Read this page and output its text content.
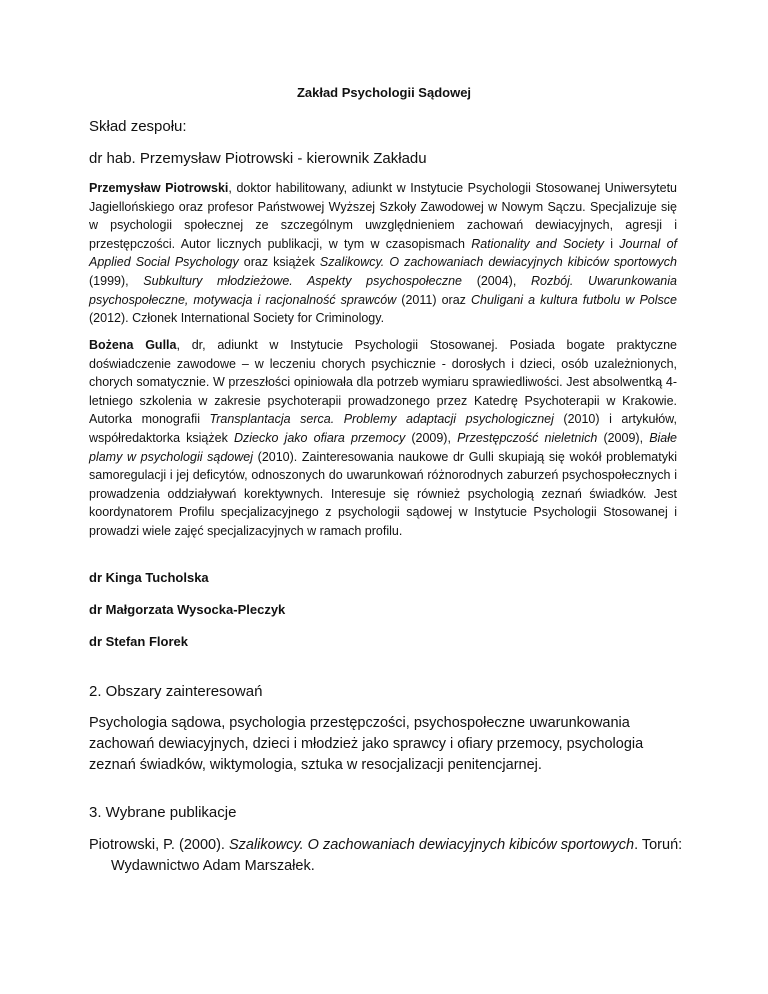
Zakład Psychologii Sądowej
Skład zespołu:
dr hab. Przemysław Piotrowski - kierownik Zakładu
Przemysław Piotrowski, doktor habilitowany, adiunkt w Instytucie Psychologii Stosowanej Uniwersytetu Jagiellońskiego oraz profesor Państwowej Wyższej Szkoły Zawodowej w Nowym Sączu. Specjalizuje się w psychologii społecznej ze szczególnym uwzględnieniem zachowań dewiacyjnych, agresji i przestępczości. Autor licznych publikacji, w tym w czasopismach Rationality and Society i Journal of Applied Social Psychology oraz książek Szalikowcy. O zachowaniach dewiacyjnych kibiców sportowych (1999), Subkultury młodzieżowe. Aspekty psychospołeczne (2004), Rozbój. Uwarunkowania psychospołeczne, motywacja i racjonalność sprawców (2011) oraz Chuligani a kultura futbolu w Polsce (2012). Członek International Society for Criminology.
Bożena Gulla, dr, adiunkt w Instytucie Psychologii Stosowanej. Posiada bogate praktyczne doświadczenie zawodowe – w leczeniu chorych psychicznie - dorosłych i dzieci, osób uzależnionych, chorych somatycznie. W przeszłości opiniowała dla potrzeb wymiaru sprawiedliwości. Jest absolwentką 4-letniego szkolenia w zakresie psychoterapii prowadzonego przez Katedrę Psychoterapii w Krakowie. Autorka monografii Transplantacja serca. Problemy adaptacji psychologicznej (2010) i artykułów, współredaktorka książek Dziecko jako ofiara przemocy (2009), Przestępczość nieletnich (2009), Białe plamy w psychologii sądowej (2010). Zainteresowania naukowe dr Gulli skupiają się wokół problematyki samoregulacji i jej deficytów, odnoszonych do uwarunkowań różnorodnych zaburzeń psychospołecznych i prowadzenia oddziaływań korektywnych. Interesuje się również psychologią zeznań świadków. Jest koordynatorem Profilu specjalizacyjnego z psychologii sądowej w Instytucie Psychologii Stosowanej i prowadzi wiele zajęć specjalizacyjnych w ramach profilu.
dr Kinga Tucholska
dr Małgorzata Wysocka-Pleczyk
dr Stefan Florek
2. Obszary zainteresowań
Psychologia sądowa, psychologia przestępczości, psychospołeczne uwarunkowania zachowań dewiacyjnych, dzieci i młodzież jako sprawcy i ofiary przemocy, psychologia zeznań świadków, wiktymologia, sztuka w resocjalizacji penitencjarnej.
3. Wybrane publikacje
Piotrowski, P. (2000). Szalikowcy. O zachowaniach dewiacyjnych kibiców sportowych. Toruń: Wydawnictwo Adam Marszałek.
